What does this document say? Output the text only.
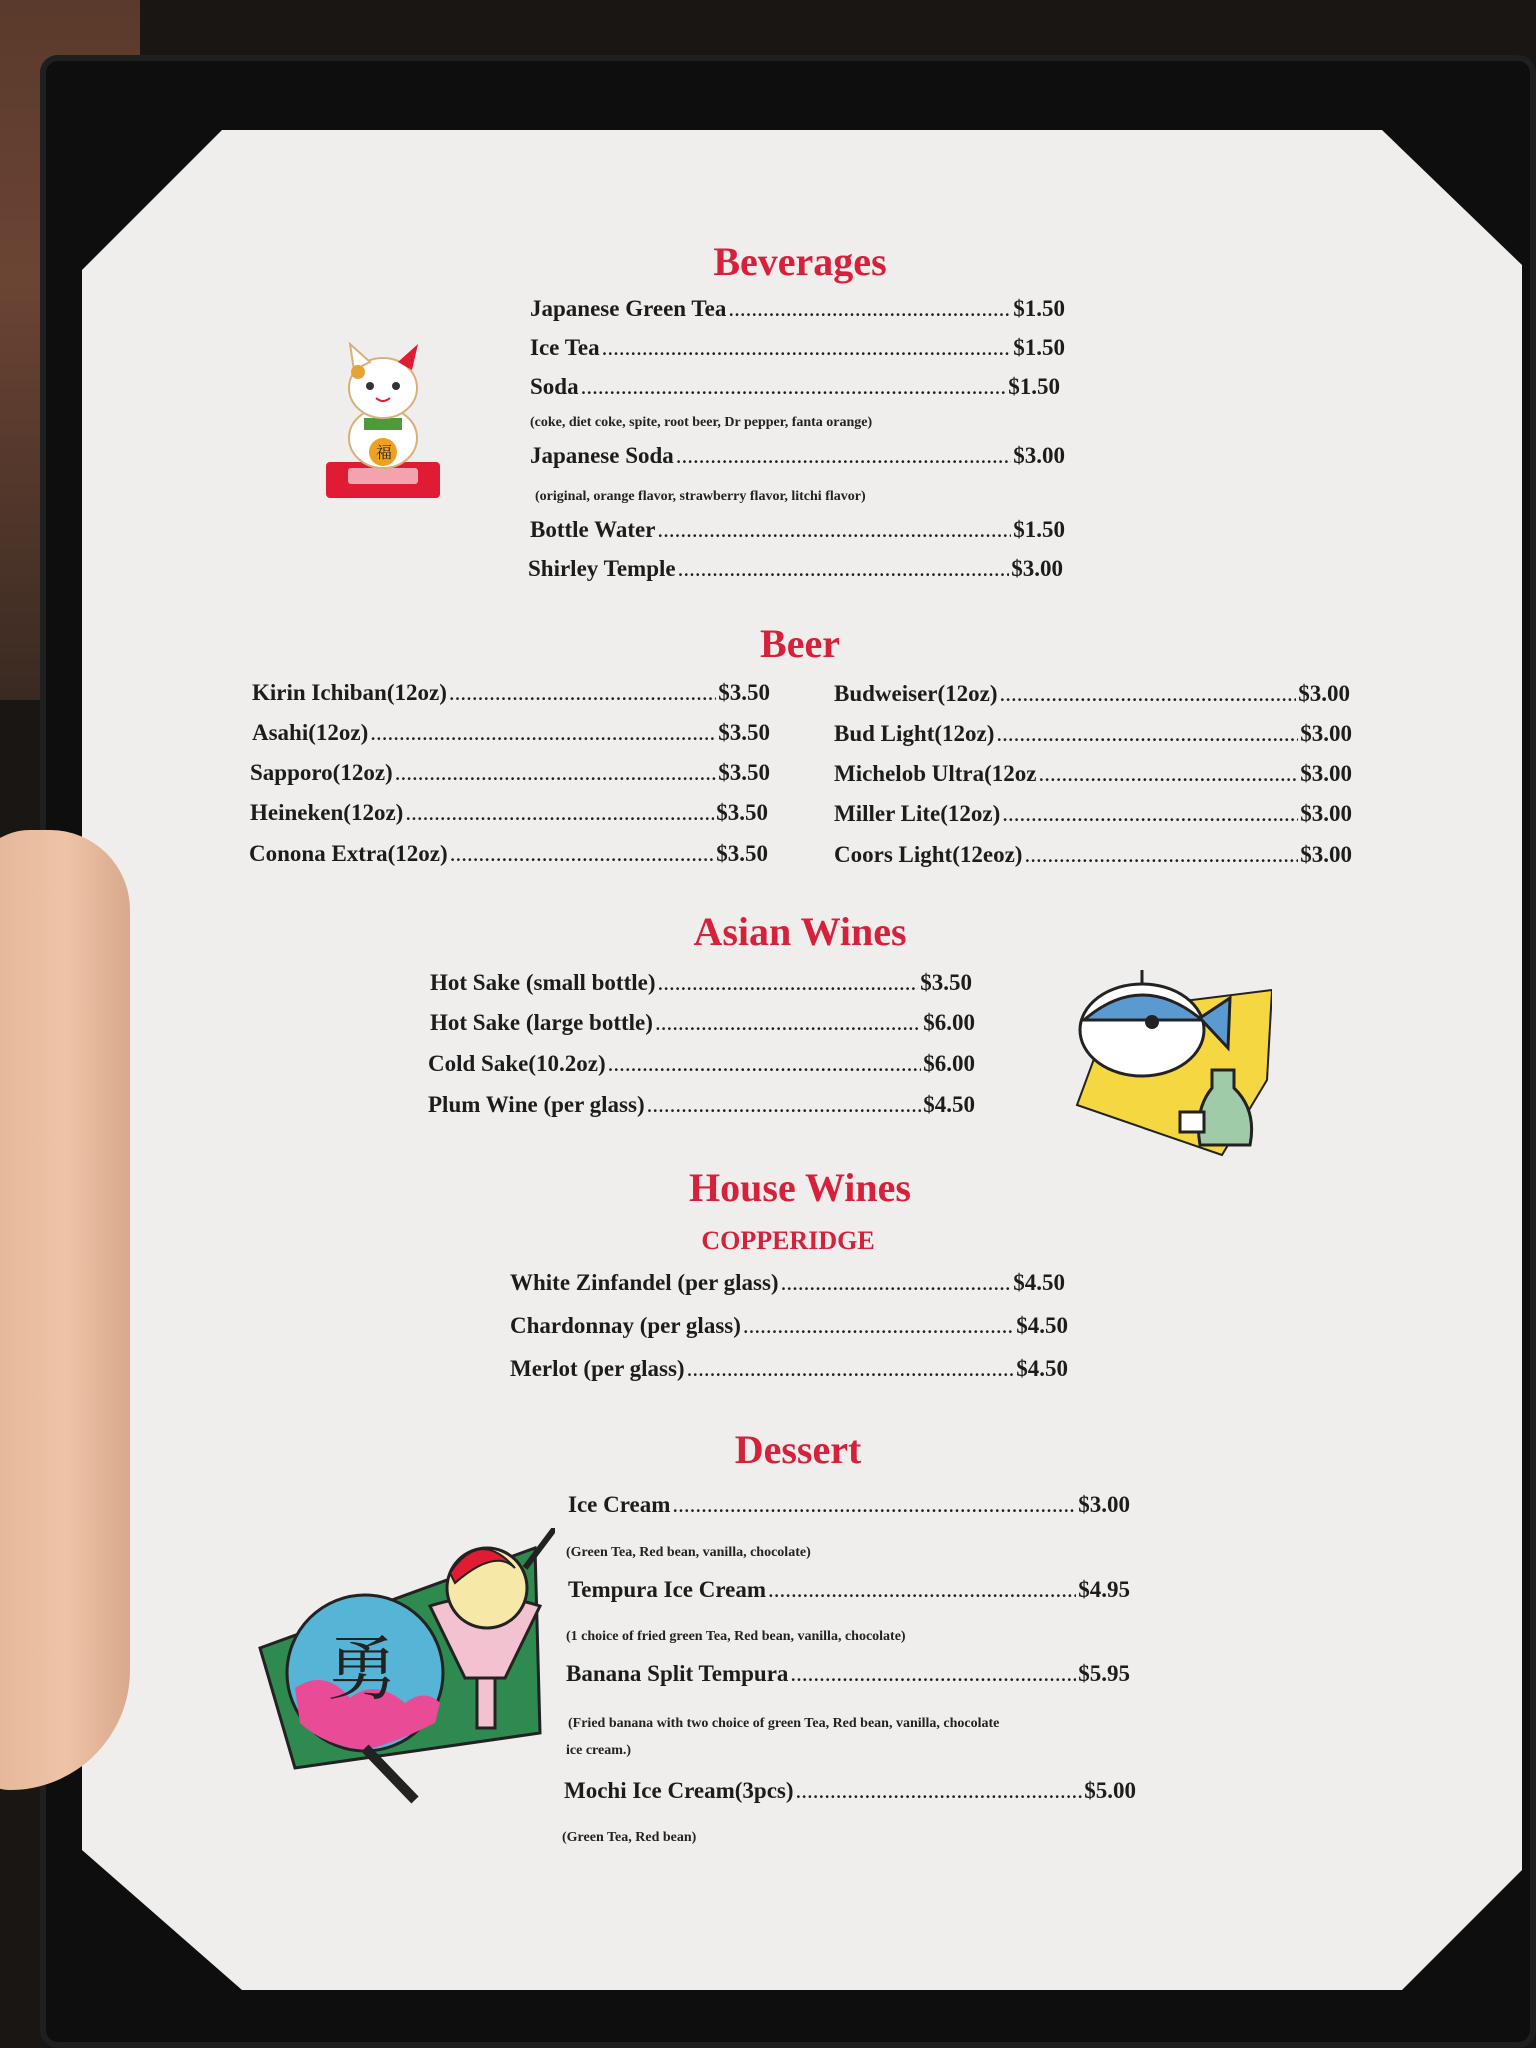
Beverages
Japanese Green Tea .....	$1.50
Ice Tea .....	$1.50
Soda .....	$1.50
(coke, diet coke, spite, root beer, Dr pepper, fanta orange)
Japanese Soda .....	$3.00
(original, orange flavor, strawberry flavor, litchi flavor)
Bottle Water .....	$1.50
Shirley Temple .....	$3.00
福
Beer
Kirin Ichiban(12oz) .....	$3.50
Asahi(12oz) .....	$3.50
Sapporo(12oz) .....	$3.50
Heineken(12oz) .....	$3.50
Conona Extra(12oz) .....	$3.50
Budweiser(12oz) .....	$3.00
Bud Light(12oz) .....	$3.00
Michelob Ultra(12oz .....	$3.00
Miller Lite(12oz) .....	$3.00
Coors Light(12eoz) .....	$3.00
Asian Wines
Hot Sake (small bottle) .....	$3.50
Hot Sake (large bottle) .....	$6.00
Cold Sake(10.2oz) .....	$6.00
Plum Wine (per glass) .....	$4.50
House Wines
COPPERIDGE
White Zinfandel (per glass) .....	$4.50
Chardonnay (per glass) .....	$4.50
Merlot (per glass) .....	$4.50
Dessert
Ice Cream .....	$3.00
(Green Tea, Red bean, vanilla, chocolate)
Tempura Ice Cream .....	$4.95
(1 choice of fried green Tea, Red bean, vanilla, chocolate)
Banana Split Tempura .....	$5.95
(Fried banana with two choice of green Tea, Red bean, vanilla, chocolate
ice cream.)
Mochi Ice Cream(3pcs) .....	$5.00
(Green Tea, Red bean)
勇
